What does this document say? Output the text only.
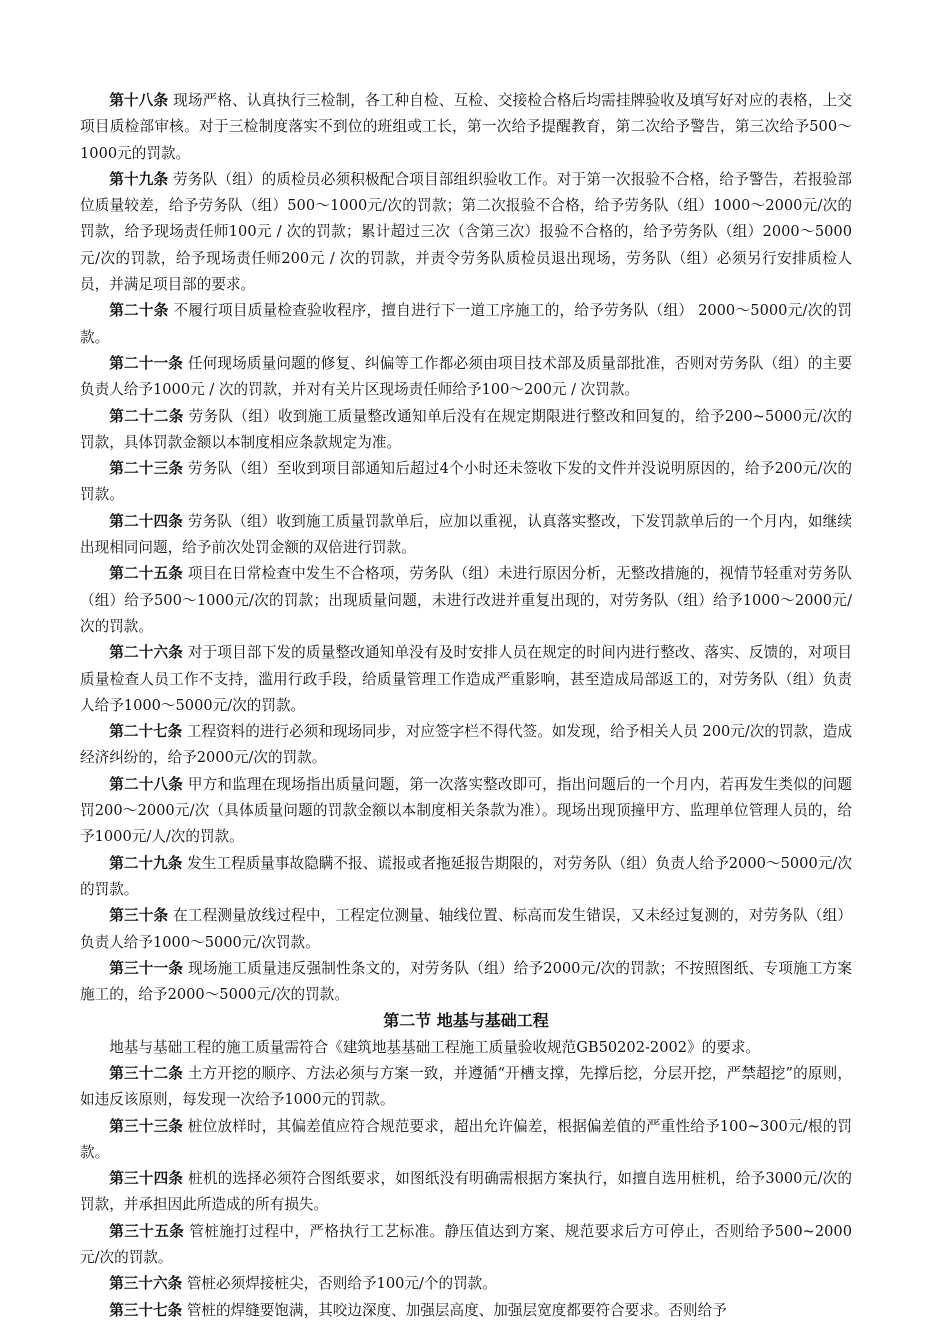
第十八条 现场严格、认真执行三检制，各工种自检、互检、交接检合格后均需挂牌验收及填写好对应的表格，上交项目质检部审核。对于三检制度落实不到位的班组或工长，第一次给予提醒教育，第二次给予警告，第三次给予500～1000元的罚款。

第十九条 劳务队（组）的质检员必须积极配合项目部组织验收工作。对于第一次报验不合格，给予警告，若报验部位质量较差，给予劳务队（组）500～1000元/次的罚款；第二次报验不合格，给予劳务队（组）1000～2000元/次的罚款，给予现场责任师100元 / 次的罚款；累计超过三次（含第三次）报验不合格的，给予劳务队（组）2000～5000元/次的罚款，给予现场责任师200元 / 次的罚款，并责令劳务队质检员退出现场，劳务队（组）必须另行安排质检人员，并满足项目部的要求。

第二十条 不履行项目质量检查验收程序，擅自进行下一道工序施工的，给予劳务队（组） 2000～5000元/次的罚款。

第二十一条 任何现场质量问题的修复、纠偏等工作都必须由项目技术部及质量部批准，否则对劳务队（组）的主要负责人给予1000元 / 次的罚款，并对有关片区现场责任师给予100～200元 / 次罚款。

第二十二条 劳务队（组）收到施工质量整改通知单后没有在规定期限进行整改和回复的，给予200~5000元/次的罚款，具体罚款金额以本制度相应条款规定为准。

第二十三条 劳务队（组）至收到项目部通知后超过4个小时还未签收下发的文件并没说明原因的，给予200元/次的罚款。

第二十四条 劳务队（组）收到施工质量罚款单后，应加以重视，认真落实整改，下发罚款单后的一个月内，如继续出现相同问题，给予前次处罚金额的双倍进行罚款。

第二十五条 项目在日常检查中发生不合格项，劳务队（组）未进行原因分析，无整改措施的，视情节轻重对劳务队（组）给予500～1000元/次的罚款；出现质量问题，未进行改进并重复出现的，对劳务队（组）给予1000～2000元/次的罚款。

第二十六条 对于项目部下发的质量整改通知单没有及时安排人员在规定的时间内进行整改、落实、反馈的，对项目质量检查人员工作不支持，滥用行政手段，给质量管理工作造成严重影响，甚至造成局部返工的，对劳务队（组）负责人给予1000～5000元/次的罚款。

第二十七条 工程资料的进行必须和现场同步，对应签字栏不得代签。如发现，给予相关人员 200元/次的罚款，造成经济纠纷的，给予2000元/次的罚款。

第二十八条 甲方和监理在现场指出质量问题，第一次落实整改即可，指出问题后的一个月内，若再发生类似的问题罚200～2000元/次（具体质量问题的罚款金额以本制度相关条款为准）。现场出现顶撞甲方、监理单位管理人员的，给予1000元/人/次的罚款。

第二十九条 发生工程质量事故隐瞒不报、谎报或者拖延报告期限的，对劳务队（组）负责人给予2000～5000元/次的罚款。

第三十条 在工程测量放线过程中，工程定位测量、轴线位置、标高而发生错误，又未经过复测的，对劳务队（组）负责人给予1000～5000元/次罚款。

第三十一条 现场施工质量违反强制性条文的，对劳务队（组）给予2000元/次的罚款；不按照图纸、专项施工方案施工的，给予2000～5000元/次的罚款。

第二节 地基与基础工程

地基与基础工程的施工质量需符合《建筑地基基础工程施工质量验收规范GB50202-2002》的要求。

第三十二条 土方开挖的顺序、方法必须与方案一致，并遵循“开槽支撑，先撑后挖，分层开挖，严禁超挖”的原则，如违反该原则，每发现一次给予1000元的罚款。

第三十三条 桩位放样时，其偏差值应符合规范要求，超出允许偏差，根据偏差值的严重性给予100~300元/根的罚款。

第三十四条 桩机的选择必须符合图纸要求，如图纸没有明确需根据方案执行，如擅自选用桩机，给予3000元/次的罚款，并承担因此所造成的所有损失。

第三十五条 管桩施打过程中，严格执行工艺标准。静压值达到方案、规范要求后方可停止，否则给予500~2000元/次的罚款。

第三十六条 管桩必须焊接桩尖，否则给予100元/个的罚款。

第三十七条 管桩的焊缝要饱满，其咬边深度、加强层高度、加强层宽度都要符合要求。否则给予
